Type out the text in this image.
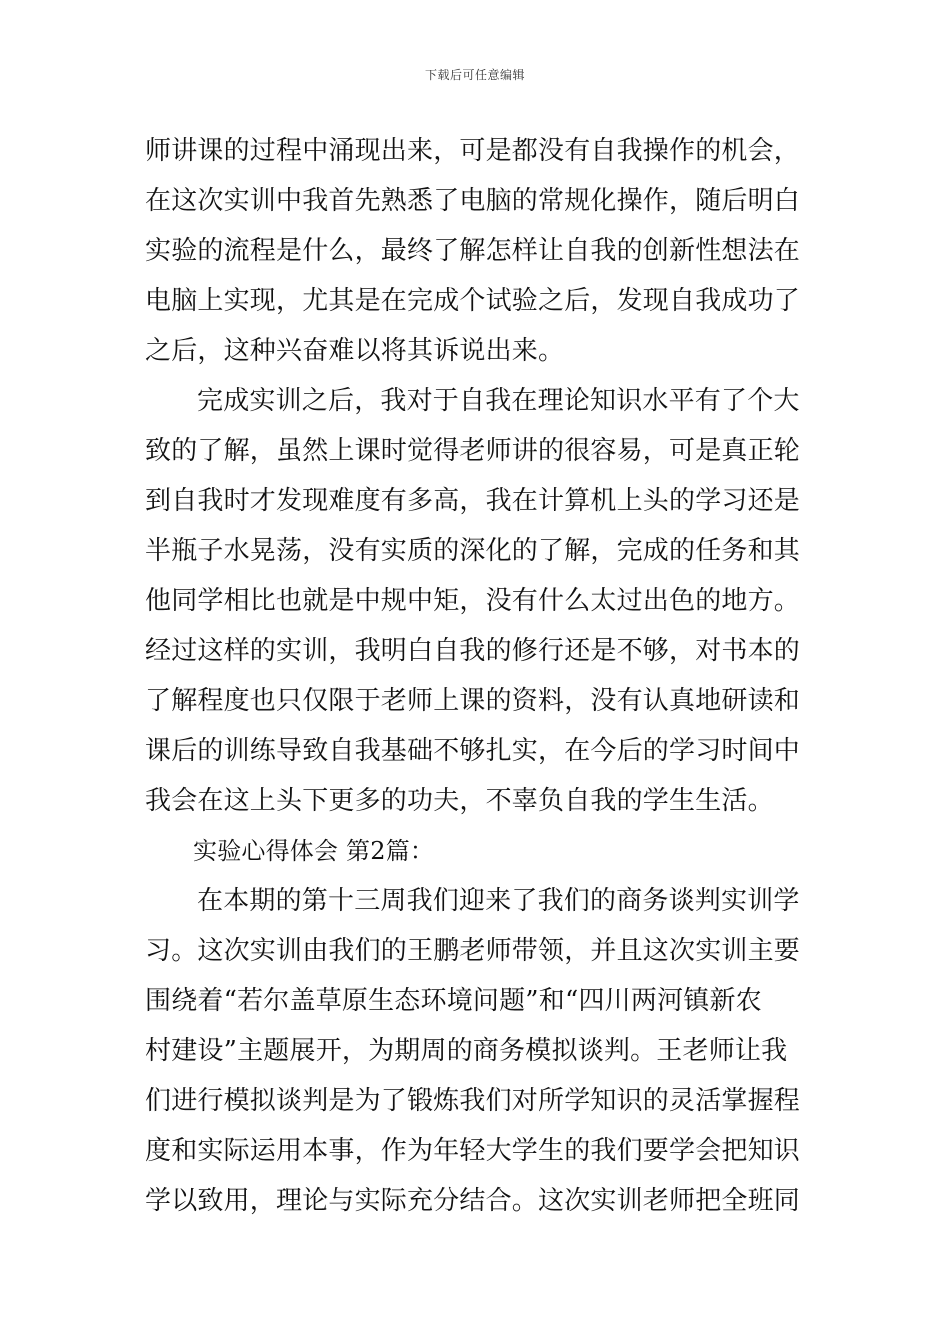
下载后可任意编辑
师讲课的过程中涌现出来，可是都没有自我操作的机会，
在这次实训中我首先熟悉了电脑的常规化操作，随后明白
实验的流程是什么，最终了解怎样让自我的创新性想法在
电脑上实现，尤其是在完成个试验之后，发现自我成功了
之后，这种兴奋难以将其诉说出来。
完成实训之后，我对于自我在理论知识水平有了个大
致的了解，虽然上课时觉得老师讲的很容易，可是真正轮
到自我时才发现难度有多高，我在计算机上头的学习还是
半瓶子水晃荡，没有实质的深化的了解，完成的任务和其
他同学相比也就是中规中矩，没有什么太过出色的地方。
经过这样的实训，我明白自我的修行还是不够，对书本的
了解程度也只仅限于老师上课的资料，没有认真地研读和
课后的训练导致自我基础不够扎实，在今后的学习时间中
我会在这上头下更多的功夫，不辜负自我的学生生活。
实验心得体会 第2篇：
在本期的第十三周我们迎来了我们的商务谈判实训学
习。这次实训由我们的王鹏老师带领，并且这次实训主要
围绕着“若尔盖草原生态环境问题”和“四川两河镇新农
村建设”主题展开，为期周的商务模拟谈判。王老师让我
们进行模拟谈判是为了锻炼我们对所学知识的灵活掌握程
度和实际运用本事，作为年轻大学生的我们要学会把知识
学以致用，理论与实际充分结合。这次实训老师把全班同
